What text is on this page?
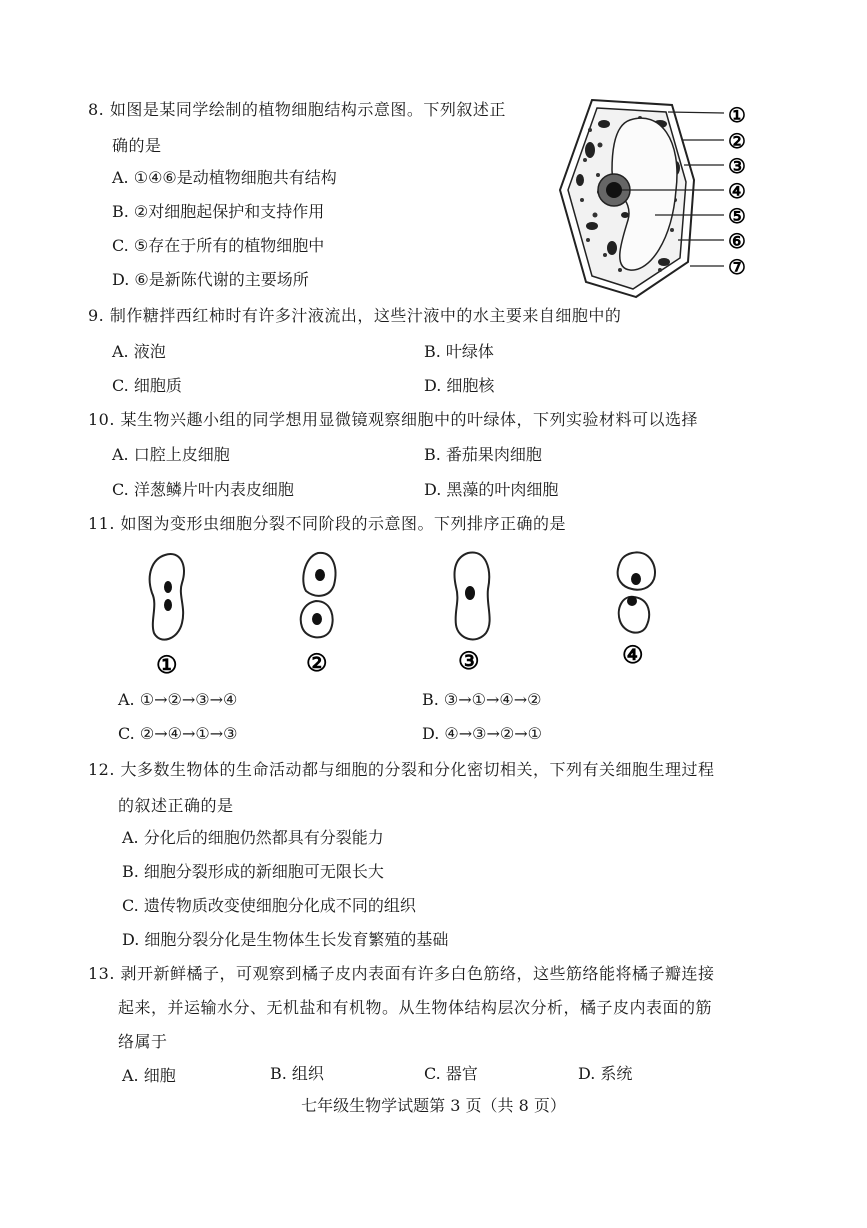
8. 如图是某同学绘制的植物细胞结构示意图。下列叙述正
确的是
A. ①④⑥是动植物细胞共有结构
B. ②对细胞起保护和支持作用
C. ⑤存在于所有的植物细胞中
D. ⑥是新陈代谢的主要场所
①
②
③
④
⑤
⑥
⑦
9. 制作糖拌西红柿时有许多汁液流出，这些汁液中的水主要来自细胞中的
A. 液泡	B. 叶绿体
C. 细胞质	D. 细胞核
10. 某生物兴趣小组的同学想用显微镜观察细胞中的叶绿体，下列实验材料可以选择
A. 口腔上皮细胞	B. 番茄果肉细胞
C. 洋葱鳞片叶内表皮细胞	D. 黑藻的叶肉细胞
11. 如图为变形虫细胞分裂不同阶段的示意图。下列排序正确的是
①	②	③	④
A. ①→②→③→④	B. ③→①→④→②
C. ②→④→①→③	D. ④→③→②→①
12. 大多数生物体的生命活动都与细胞的分裂和分化密切相关，下列有关细胞生理过程
的叙述正确的是
A. 分化后的细胞仍然都具有分裂能力
B. 细胞分裂形成的新细胞可无限长大
C. 遗传物质改变使细胞分化成不同的组织
D. 细胞分裂分化是生物体生长发育繁殖的基础
13. 剥开新鲜橘子，可观察到橘子皮内表面有许多白色筋络，这些筋络能将橘子瓣连接
起来，并运输水分、无机盐和有机物。从生物体结构层次分析，橘子皮内表面的筋
络属于
A. 细胞	B. 组织	C. 器官	D. 系统
七年级生物学试题第 3 页（共 8 页）
